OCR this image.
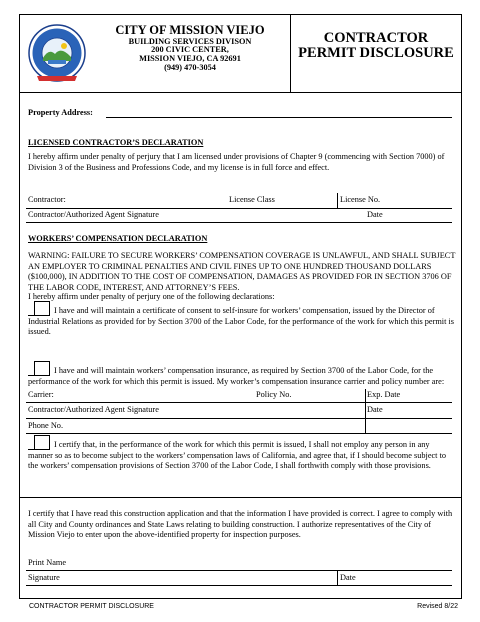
CITY OF MISSION VIEJO
BUILDING SERVICES DIVISON
200 CIVIC CENTER,
MISSION VIEJO, CA 92691
(949) 470-3054
CONTRACTOR
PERMIT DISCLOSURE
Property Address:
LICENSED CONTRACTOR’S DECLARATION
I hereby affirm under penalty of perjury that I am licensed under provisions of Chapter 9 (commencing with Section 7000) of Division 3 of the Business and Professions Code, and my license is in full force and effect.
Contractor:	License Class	License No.
Contractor/Authorized Agent Signature	Date
WORKERS’ COMPENSATION DECLARATION
WARNING: FAILURE TO SECURE WORKERS’ COMPENSATION COVERAGE IS UNLAWFUL, AND SHALL SUBJECT AN EMPLOYER TO CRIMINAL PENALTIES AND CIVIL FINES UP TO ONE HUNDRED THOUSAND DOLLARS ($100,000), IN ADDITION TO THE COST OF COMPENSATION, DAMAGES AS PROVIDED FOR IN SECTION 3706 OF THE LABOR CODE, INTEREST, AND ATTORNEY’S FEES.
I hereby affirm under penalty of perjury one of the following declarations:
I have and will maintain a certificate of consent to self-insure for workers’ compensation, issued by the Director of Industrial Relations as provided for by Section 3700 of the Labor Code, for the performance of the work for which this permit is issued.
I have and will maintain workers’ compensation insurance, as required by Section 3700 of the Labor Code, for the performance of the work for which this permit is issued. My worker’s compensation insurance carrier and policy number are:
Carrier:	Policy No.	Exp. Date
Contractor/Authorized Agent Signature	Date
Phone No.
I certify that, in the performance of the work for which this permit is issued, I shall not employ any person in any manner so as to become subject to the workers’ compensation laws of California, and agree that, if I should become subject to the workers’ compensation provisions of Section 3700 of the Labor Code, I shall forthwith comply with those provisions.
I certify that I have read this construction application and that the information I have provided is correct. I agree to comply with all City and County ordinances and State Laws relating to building construction. I authorize representatives of the City of Mission Viejo to enter upon the above-identified property for inspection purposes.
Print Name
Signature	Date
CONTRACTOR PERMIT DISCLOSURE	Revised 8/22
